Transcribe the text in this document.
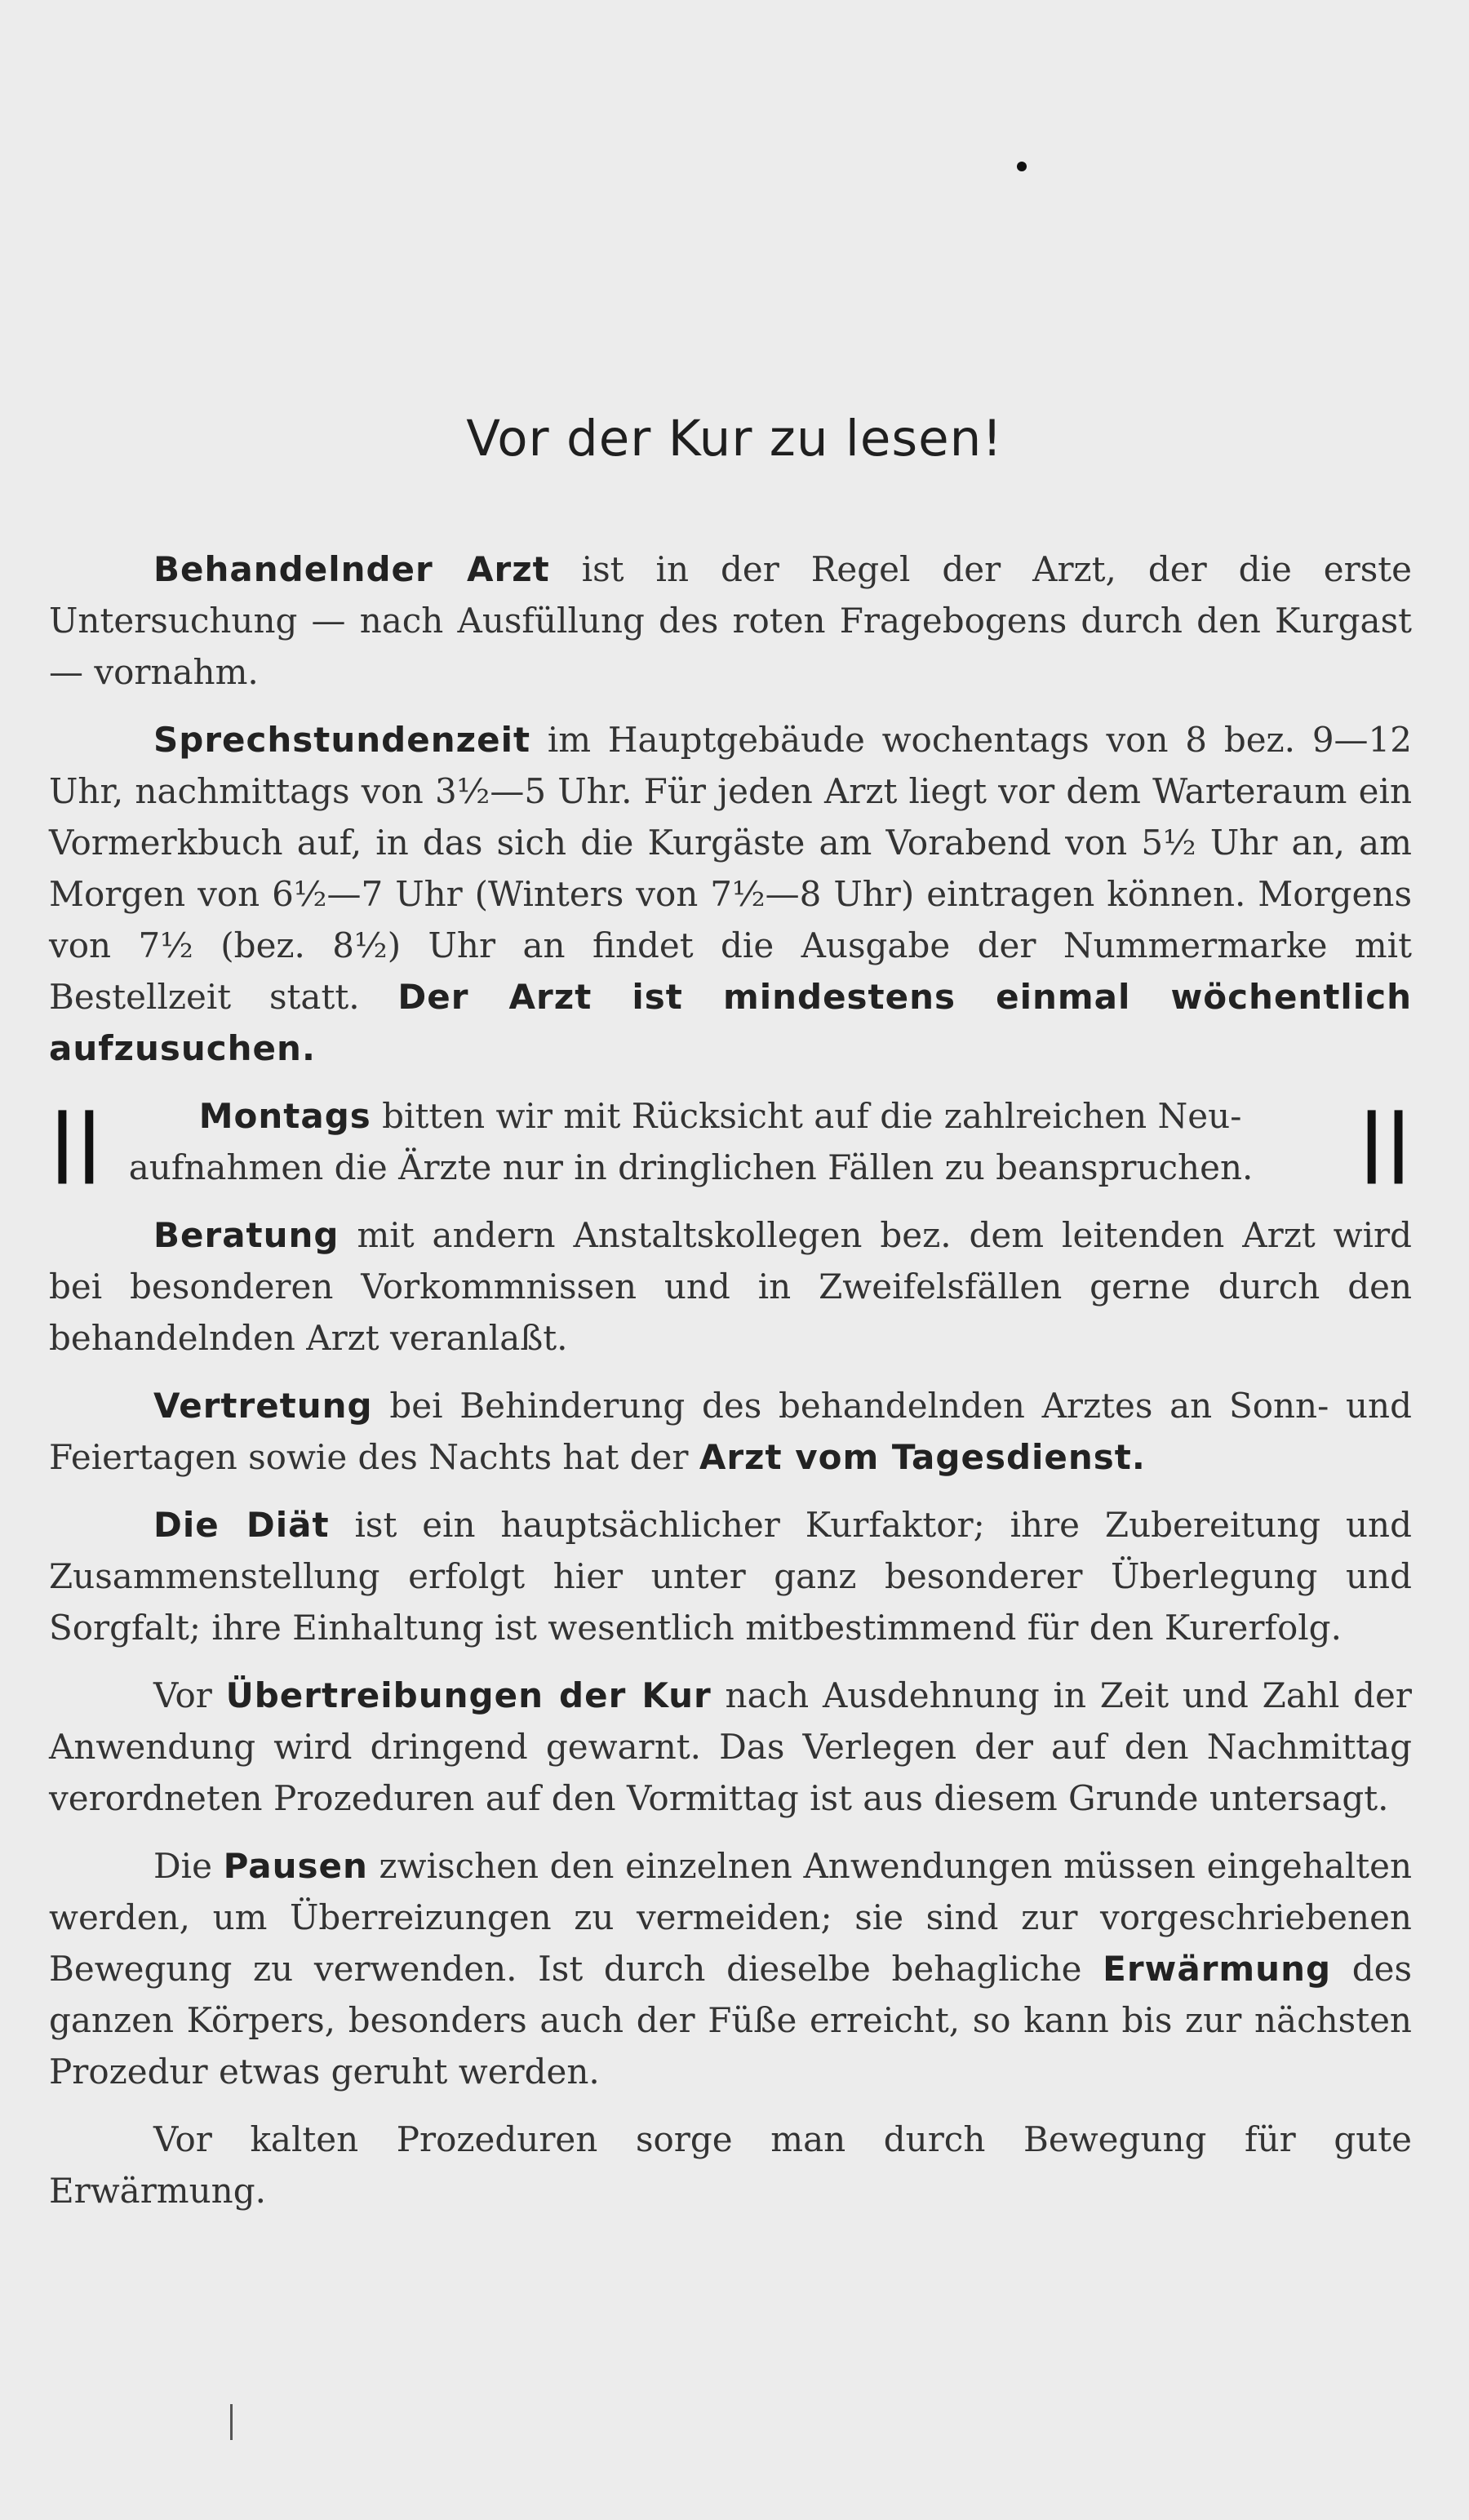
Vor der Kur zu lesen!

Behandelnder Arzt ist in der Regel der Arzt, der die erste Untersuchung — nach Ausfüllung des roten Fragebogens durch den Kurgast — vornahm.

Sprechstundenzeit im Hauptgebäude wochentags von 8 bez. 9—12 Uhr, nachmittags von 3½—5 Uhr. Für jeden Arzt liegt vor dem Warteraum ein Vormerkbuch auf, in das sich die Kurgäste am Vorabend von 5½ Uhr an, am Morgen von 6½—7 Uhr (Winters von 7½—8 Uhr) eintragen können. Morgens von 7½ (bez. 8½) Uhr an findet die Ausgabe der Nummermarke mit Bestellzeit statt. Der Arzt ist mindestens einmal wöchentlich aufzusuchen.

||	Montags bitten wir mit Rücksicht auf die zahlreichen Neu-
aufnahmen die Ärzte nur in dringlichen Fällen zu beanspruchen.	||

Beratung mit andern Anstaltskollegen bez. dem leitenden Arzt wird bei besonderen Vorkommnissen und in Zweifelsfällen gerne durch den behandelnden Arzt veranlaßt.

Vertretung bei Behinderung des behandelnden Arztes an Sonn- und Feiertagen sowie des Nachts hat der Arzt vom Tagesdienst.

Die Diät ist ein hauptsächlicher Kurfaktor; ihre Zubereitung und Zusammenstellung erfolgt hier unter ganz besonderer Überlegung und Sorgfalt; ihre Einhaltung ist wesentlich mitbestimmend für den Kurerfolg.

Vor Übertreibungen der Kur nach Ausdehnung in Zeit und Zahl der Anwendung wird dringend gewarnt. Das Verlegen der auf den Nachmittag verordneten Prozeduren auf den Vormittag ist aus diesem Grunde untersagt.

Die Pausen zwischen den einzelnen Anwendungen müssen eingehalten werden, um Überreizungen zu vermeiden; sie sind zur vorgeschriebenen Bewegung zu verwenden. Ist durch dieselbe behagliche Erwärmung des ganzen Körpers, besonders auch der Füße erreicht, so kann bis zur nächsten Prozedur etwas geruht werden.

Vor kalten Prozeduren sorge man durch Bewegung für gute Erwärmung.
